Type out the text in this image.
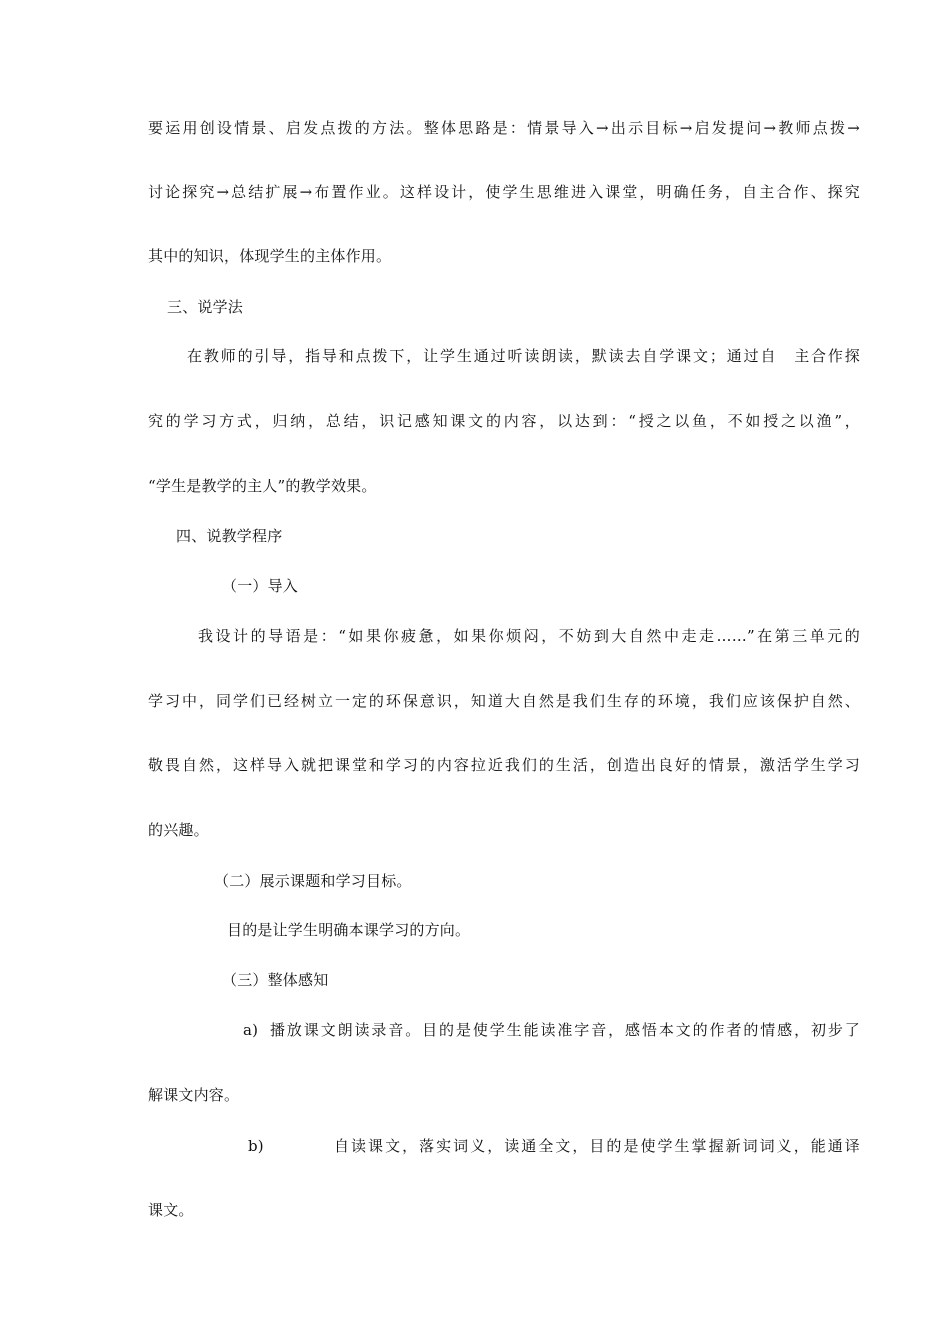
要运用创设情景、启发点拨的方法。整体思路是：情景导入→出示目标→启发提问→教师点拨→
讨论探究→总结扩展→布置作业。这样设计，使学生思维进入课堂，明确任务，自主合作、探究
其中的知识，体现学生的主体作用。
三、说学法
在教师的引导，指导和点拨下，让学生通过听读朗读，默读去自学课文；通过自　主合作探
究的学习方式，归纳，总结，识记感知课文的内容，以达到：“授之以鱼，不如授之以渔”，
“学生是教学的主人”的教学效果。
四、说教学程序
（一）导入
我设计的导语是：“如果你疲惫，如果你烦闷，不妨到大自然中走走……”在第三单元的
学习中，同学们已经树立一定的环保意识，知道大自然是我们生存的环境，我们应该保护自然、
敬畏自然，这样导入就把课堂和学习的内容拉近我们的生活，创造出良好的情景，激活学生学习
的兴趣。
（二）展示课题和学习目标。
目的是让学生明确本课学习的方向。
（三）整体感知
a) 播放课文朗读录音。目的是使学生能读准字音，感悟本文的作者的情感，初步了
解课文内容。
b)	自读课文，落实词义，读通全文，目的是使学生掌握新词词义，能通译
课文。
